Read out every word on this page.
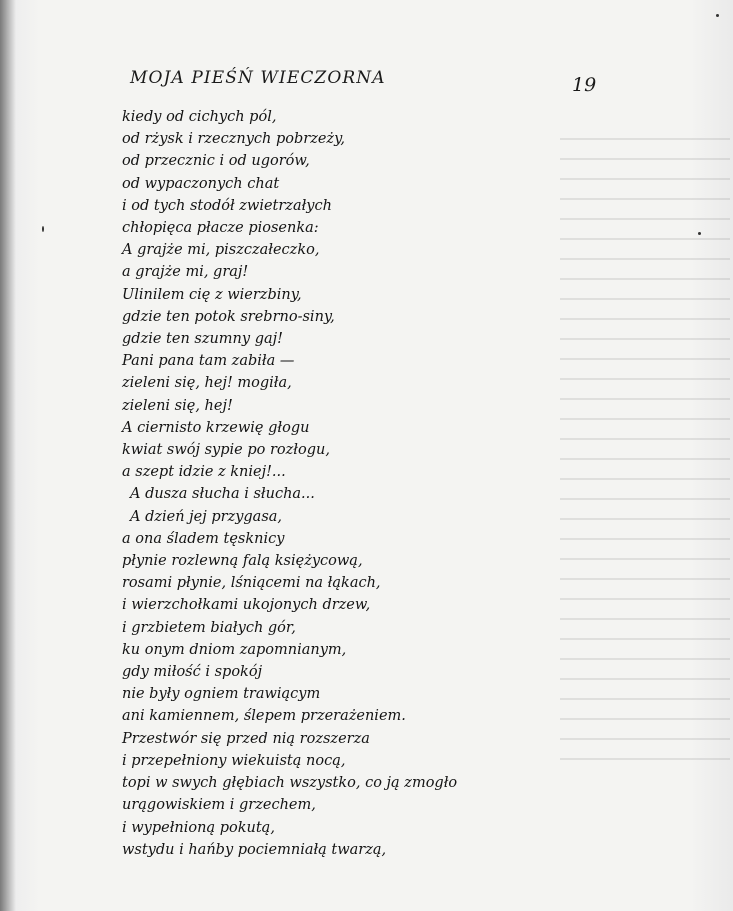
MOJA PIEŚŃ WIECZORNA	19
kiedy od cichych pól,
od rżysk i rzecznych pobrzeży,
od przecznic i od ugorów,
od wypaczonych chat
i od tych stodół zwietrzałych
chłopięca płacze piosenka:
A grajże mi, piszczałeczko,
a grajże mi, graj!
Ulinilem cię z wierzbiny,
gdzie ten potok srebrno-siny,
gdzie ten szumny gaj!
Pani pana tam zabiła —
zieleni się, hej! mogiła,
zieleni się, hej!
A ciernisto krzewię głogu
kwiat swój sypie po rozłogu,
a szept idzie z kniej!...
A dusza słucha i słucha...
A dzień jej przygasa,
a ona śladem tęsknicy
płynie rozlewną falą księżycową,
rosami płynie, lśniącemi na łąkach,
i wierzchołkami ukojonych drzew,
i grzbietem białych gór,
ku onym dniom zapomnianym,
gdy miłość i spokój
nie były ogniem trawiącym
ani kamiennem, ślepem przerażeniem.
Przestwór się przed nią rozszerza
i przepełniony wiekuistą nocą,
topi w swych głębiach wszystko, co ją zmogło
urągowiskiem i grzechem,
i wypełnioną pokutą,
wstydu i hańby pociemniałą twarzą,
